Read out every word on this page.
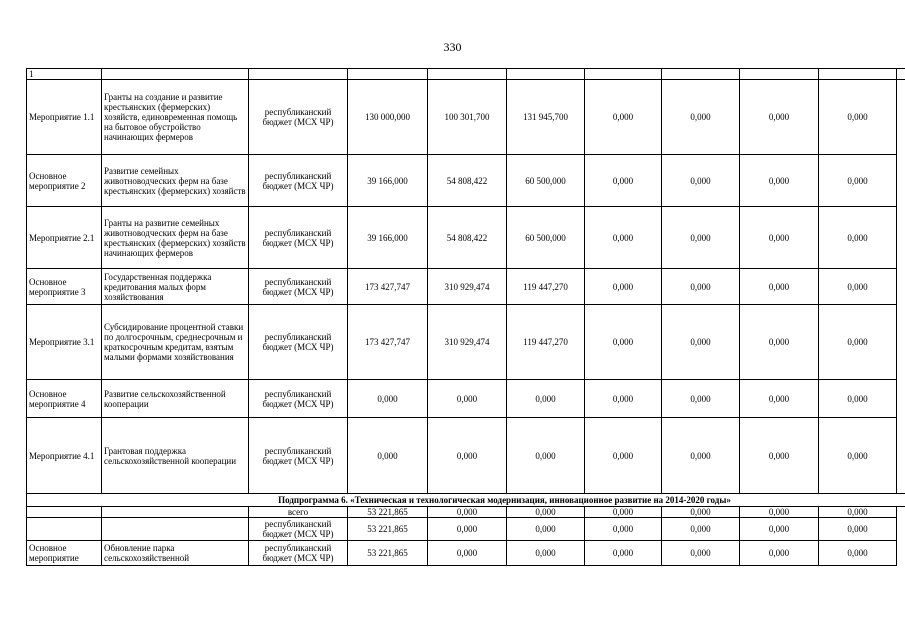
330
1										
Мероприятие 1.1	Гранты на создание и развитие крестьянских (фермерских) хозяйств, единовременная помощь на бытовое обустройство начинающих фермеров	республиканский бюджет (МСХ ЧР)	130 000,000	100 301,700	131 945,700	0,000	0,000	0,000	0,000	
Основное мероприятие 2	Развитие семейных животноводческих ферм на базе крестьянских (фермерских) хозяйств	республиканский бюджет (МСХ ЧР)	39 166,000	54 808,422	60 500,000	0,000	0,000	0,000	0,000	
Мероприятие 2.1	Гранты на развитие семейных животноводческих ферм на базе крестьянских (фермерских) хозяйств начинающих фермеров	республиканский бюджет (МСХ ЧР)	39 166,000	54 808,422	60 500,000	0,000	0,000	0,000	0,000	
Основное мероприятие 3	Государственная поддержка кредитования малых форм хозяйствования	республиканский бюджет (МСХ ЧР)	173 427,747	310 929,474	119 447,270	0,000	0,000	0,000	0,000	
Мероприятие 3.1	Субсидирование процентной ставки по долгосрочным, среднесрочным и краткосрочным кредитам, взятым малыми формами хозяйствования	республиканский бюджет (МСХ ЧР)	173 427,747	310 929,474	119 447,270	0,000	0,000	0,000	0,000	
Основное мероприятие 4	Развитие сельскохозяйственной кооперации	республиканский бюджет (МСХ ЧР)	0,000	0,000	0,000	0,000	0,000	0,000	0,000	
Мероприятие 4.1	Грантовая поддержка сельскохозяйственной кооперации	республиканский бюджет (МСХ ЧР)	0,000	0,000	0,000	0,000	0,000	0,000	0,000	
Подпрограмма 6. «Техническая и технологическая модернизация, инновационное развитие на 2014-2020 годы»										
		всего	53 221,865	0,000	0,000	0,000	0,000	0,000	0,000	
		республиканский бюджет (МСХ ЧР)	53 221,865	0,000	0,000	0,000	0,000	0,000	0,000	
Основное мероприятие	Обновление парка сельскохозяйственной	республиканский бюджет (МСХ ЧР)	53 221,865	0,000	0,000	0,000	0,000	0,000	0,000	
